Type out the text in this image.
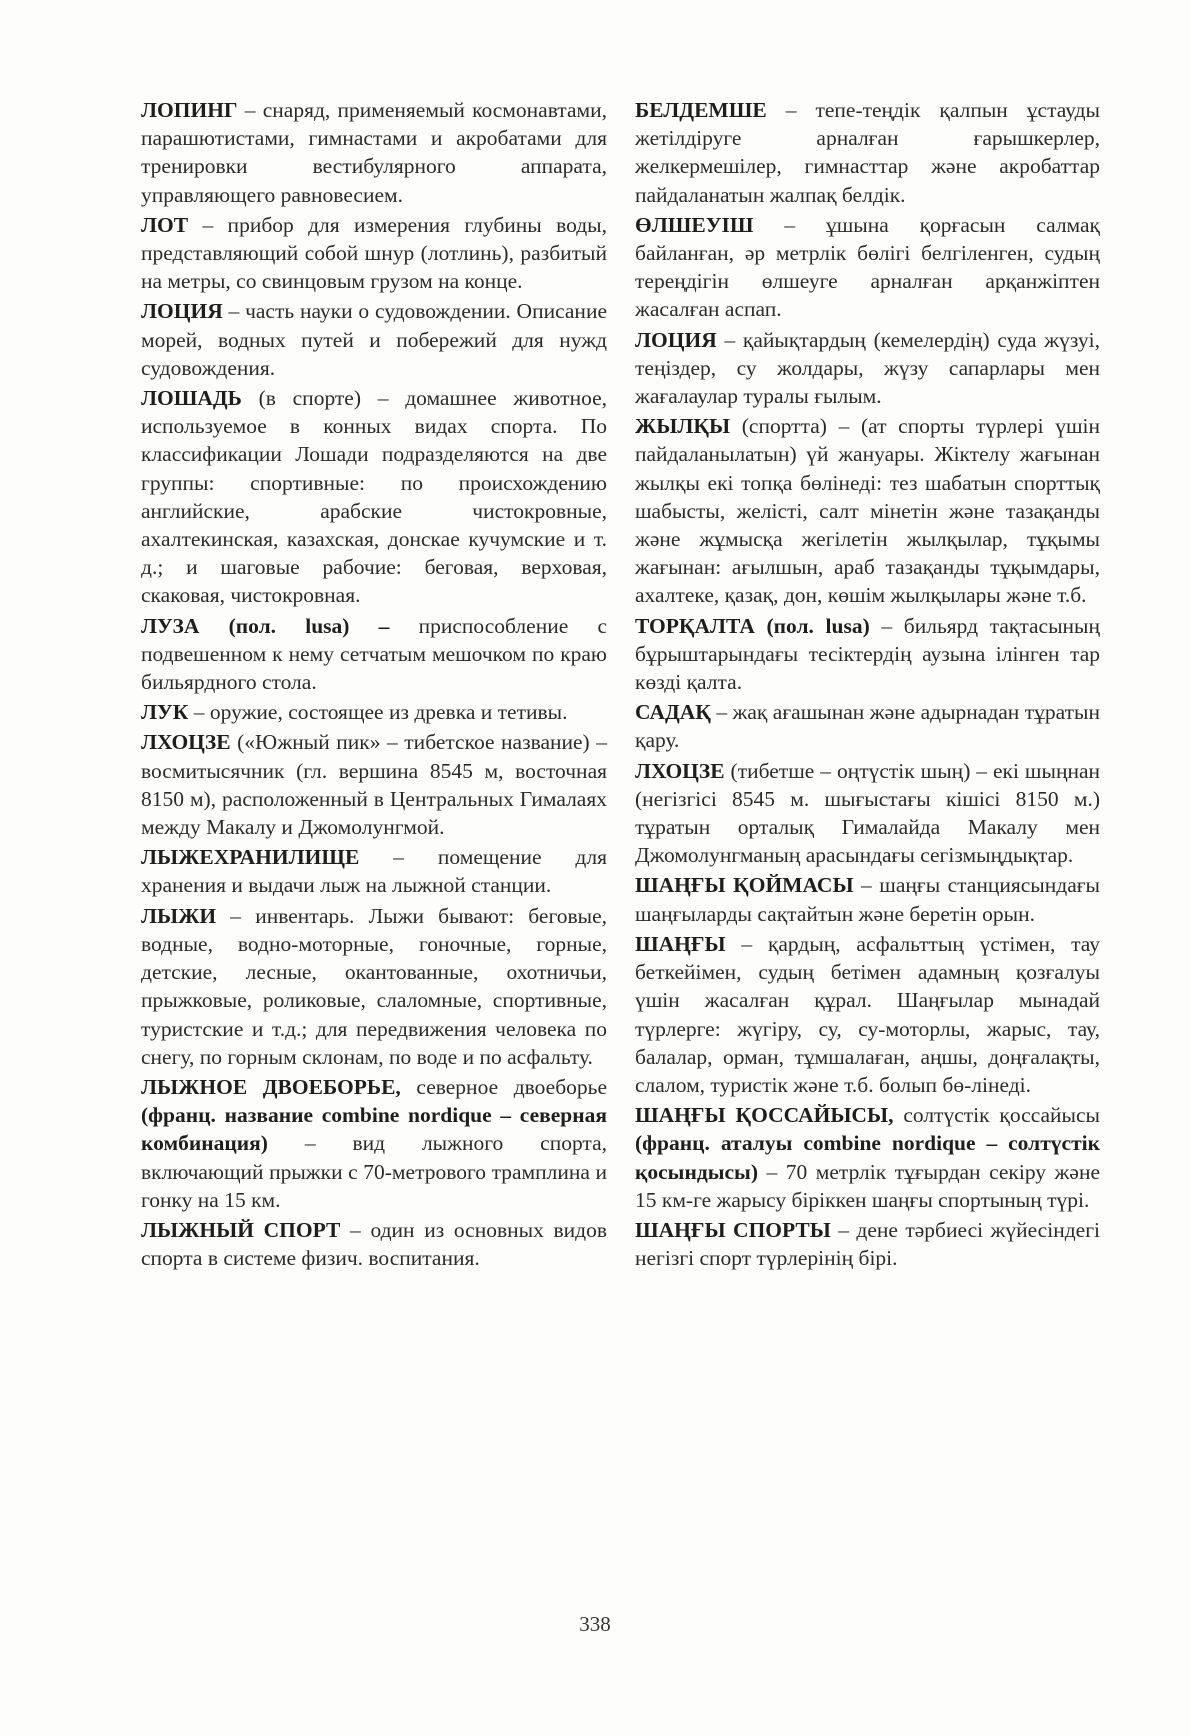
ЛОПИНГ – снаряд, применяемый космонавтами, парашютистами, гимнастами и акробатами для тренировки вестибулярного аппарата, управляющего равновесием.

ЛОТ – прибор для измерения глубины воды, представляющий собой шнур (лотлинь), разбитый на метры, со свинцовым грузом на конце.

ЛОЦИЯ – часть науки о судовождении. Описание морей, водных путей и побережий для нужд судовождения.

ЛОШАДЬ (в спорте) – домашнее животное, используемое в конных видах спорта. По классификации Лошади подразделяются на две группы: спортивные: по происхождению английские, арабские чистокровные, ахалтекинская, казахская, донскае кучумские и т. д.; и шаговые рабочие: беговая, верховая, скаковая, чистокровная.

ЛУЗА (пол. lusa) – приспособление с подвешенном к нему сетчатым мешочком по краю бильярдного стола.

ЛУК – оружие, состоящее из древка и тетивы.

ЛХОЦЗЕ («Южный пик» – тибетское название) – восмитысячник (гл. вершина 8545 м, восточная 8150 м), расположенный в Центральных Гималаях между Макалу и Джомолунгмой.

ЛЫЖЕХРАНИЛИЩЕ – помещение для хранения и выдачи лыж на лыжной станции.

ЛЫЖИ – инвентарь. Лыжи бывают: беговые, водные, водно-моторные, гоночные, горные, детские, лесные, окантованные, охотничьи, прыжковые, роликовые, слаломные, спортивные, туристские и т.д.; для передвижения человека по снегу, по горным склонам, по воде и по асфальту.

ЛЫЖНОЕ ДВОЕБОРЬЕ, северное двоеборье (франц. название combine nordique – северная комбинация) – вид лыжного спорта, включающий прыжки с 70-метрового трамплина и гонку на 15 км.

ЛЫЖНЫЙ СПОРТ – один из основных видов спорта в системе физич. воспитания.

БЕЛДЕМШЕ – тепе-теңдік қалпын ұстауды жетілдіруге арналған ғарышкерлер, желкермешілер, гимнасттар және акробаттар пайдаланатын жалпақ белдік.

ӨЛШЕУІШ – ұшына қорғасын салмақ байланған, әр метрлік бөлігі белгіленген, судың тереңдігін өлшеуге арналған арқанжіптен жасалған аспап.

ЛОЦИЯ – қайықтардың (кемелердің) суда жүзуі, теңіздер, су жолдары, жүзу сапарлары мен жағалаулар туралы ғылым.

ЖЫЛҚЫ (спортта) – (ат спорты түрлері үшін пайдаланылатын) үй жануары. Жіктелу жағынан жылқы екі топқа бөлінеді: тез шабатын спорттық шабысты, желісті, салт мінетін және тазақанды және жұмысқа жегілетін жылқылар, тұқымы жағынан: ағылшын, араб тазақанды тұқымдары, ахалтеке, қазақ, дон, көшім жылқылары және т.б.

ТОРҚАЛТА (пол. lusa) – бильярд тақтасының бұрыштарындағы тесіктердің аузына ілінген тар көзді қалта.

САДАҚ – жақ ағашынан және адырнадан тұратын қару.

ЛХОЦЗЕ (тибетше – оңтүстік шың) – екі шыңнан (негізгісі 8545 м. шығыстағы кішісі 8150 м.) тұратын орталық Гималайда Макалу мен Джомолунгманың арасындағы сегізмыңдықтар.

ШАҢҒЫ ҚОЙМАСЫ – шаңғы станциясындағы шаңғыларды сақтайтын және беретін орын.

ШАҢҒЫ – қардың, асфальттың үстімен, тау беткейімен, судың бетімен адамның қозғалуы үшін жасалған құрал. Шаңғылар мынадай түрлерге: жүгіру, су, су-моторлы, жарыс, тау, балалар, орман, тұмшалаған, аңшы, доңғалақты, слалом, туристік және т.б. болып бө-лінеді.

ШАҢҒЫ ҚОССАЙЫСЫ, солтүстік қоссайысы (франц. аталуы combine nordique – солтүстік қосындысы) – 70 метрлік тұғырдан секіру және 15 км-ге жарысу біріккен шаңғы спортының түрі.

ШАҢҒЫ СПОРТЫ – дене тәрбиесі жүйесіндегі негізгі спорт түрлерінің бірі.

338
